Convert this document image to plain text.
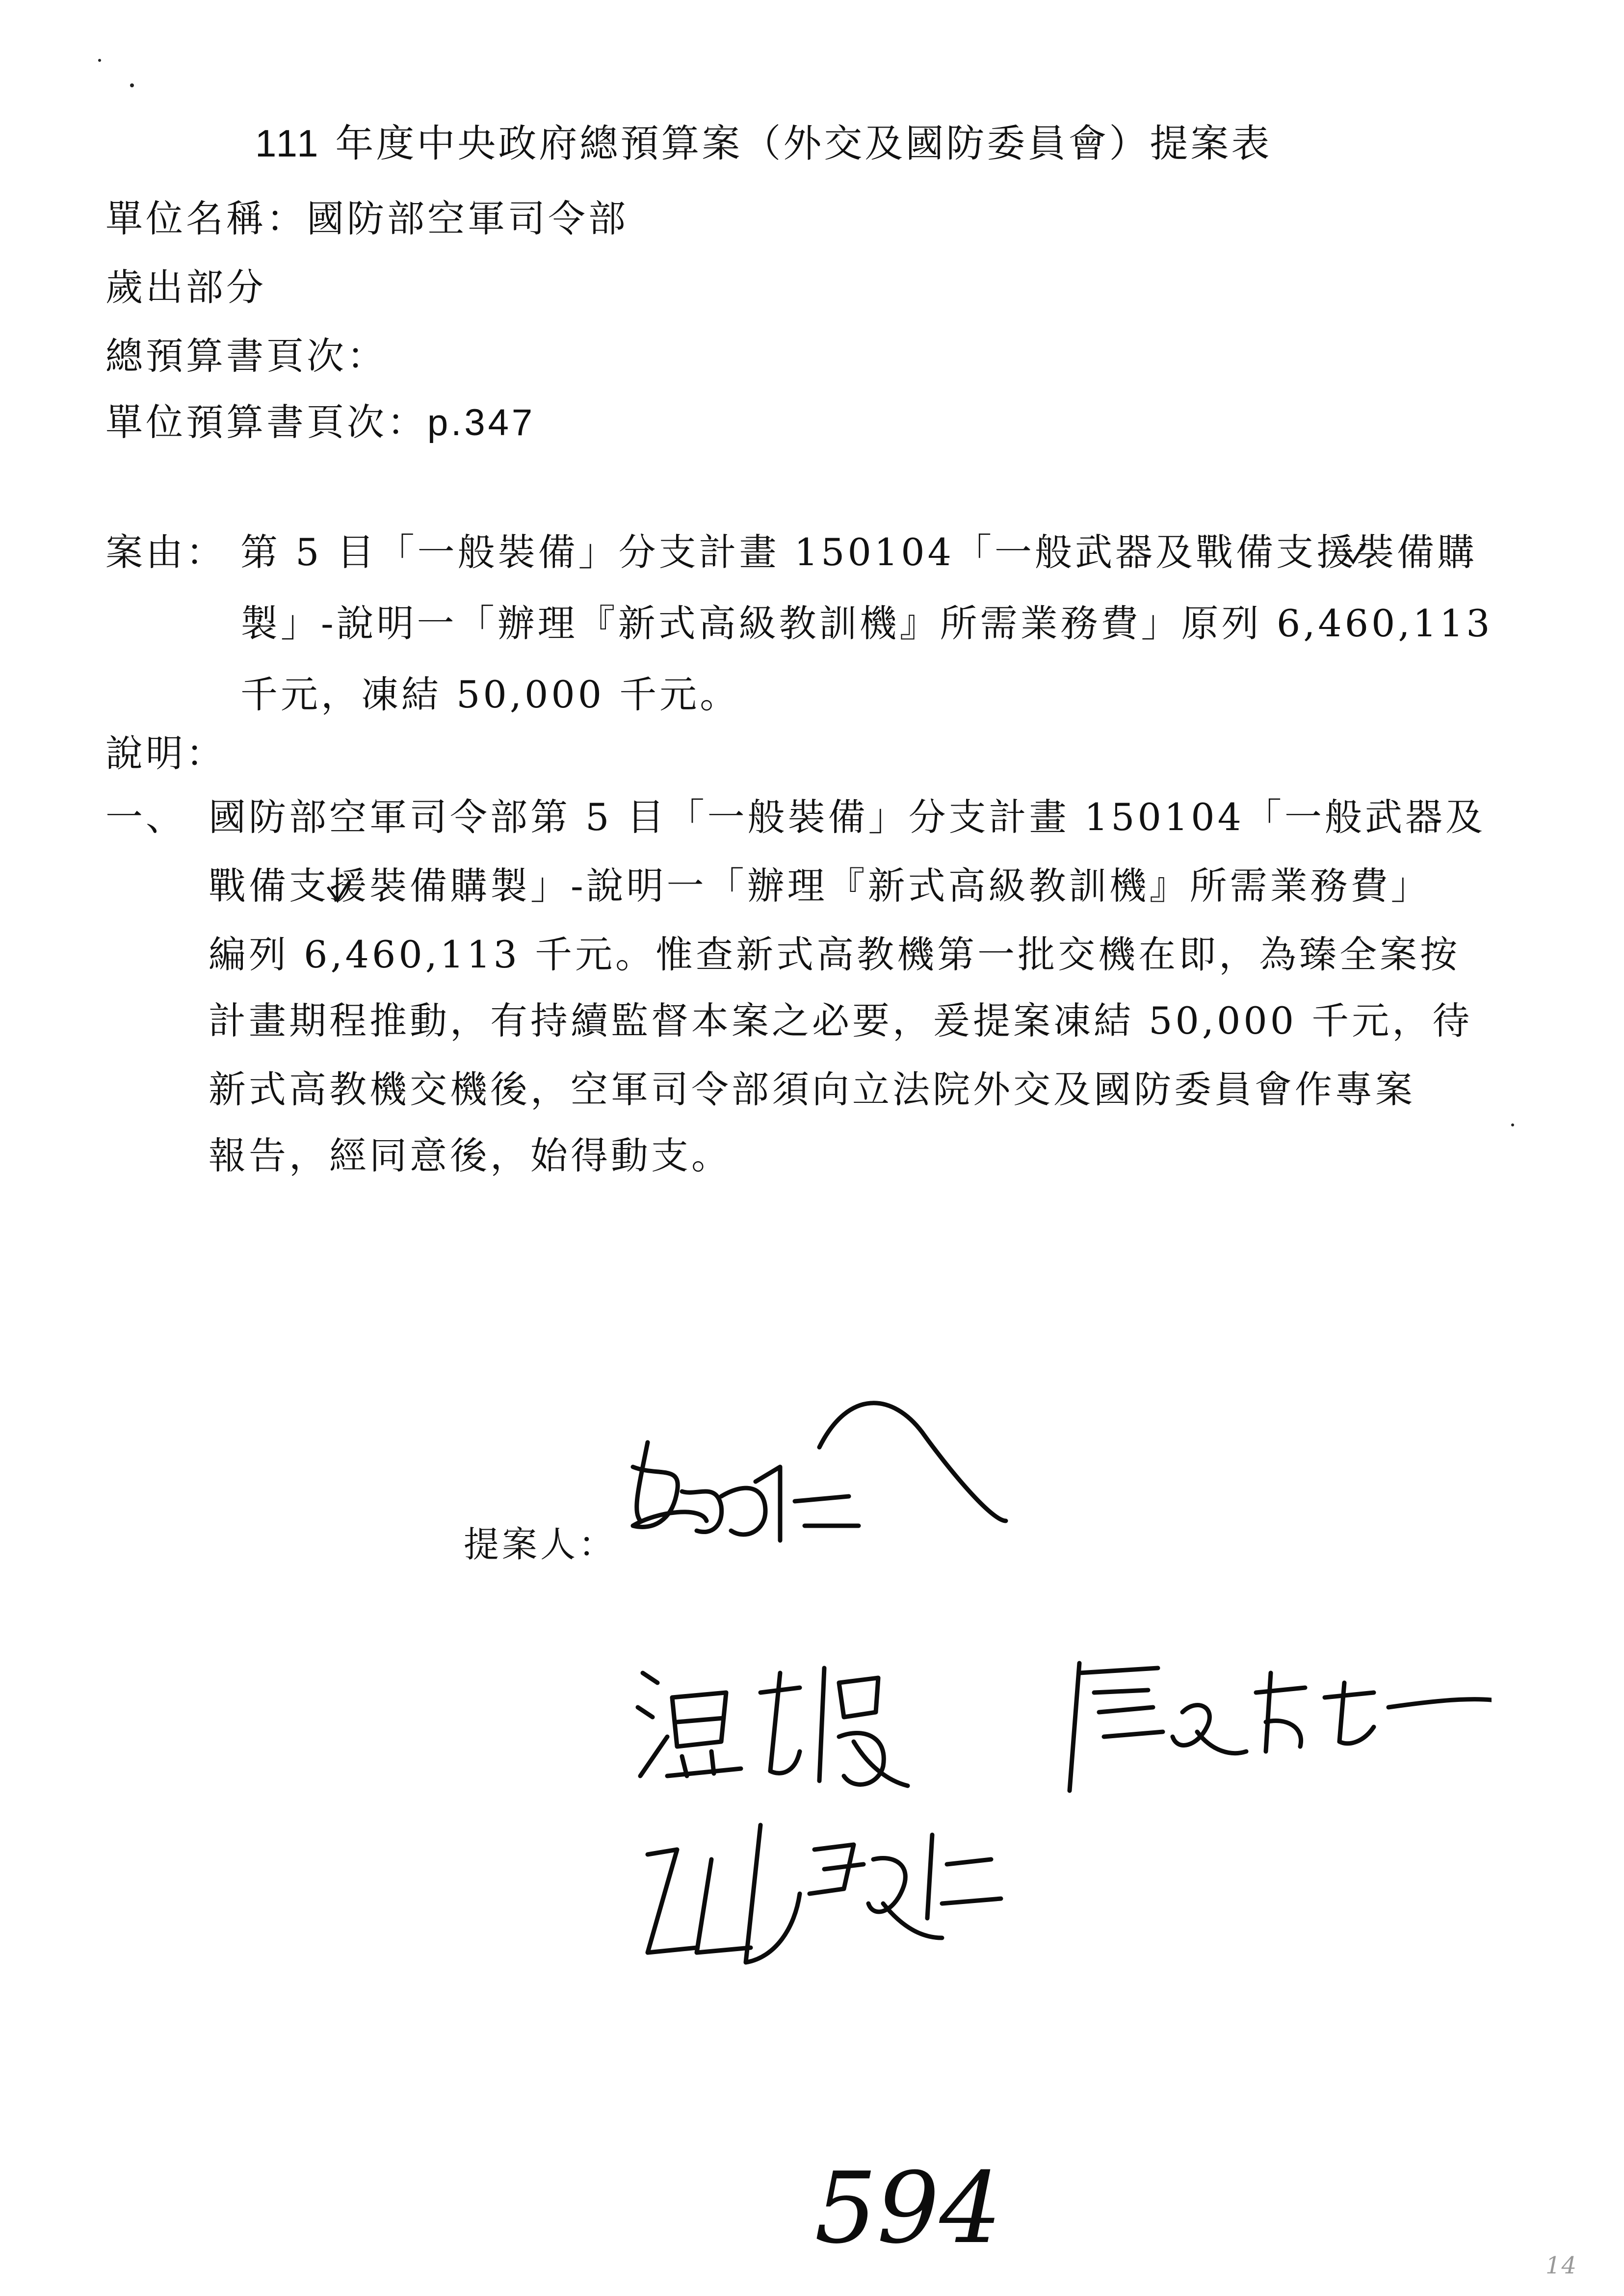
111 年度中央政府總預算案（外交及國防委員會）提案表
單位名稱：國防部空軍司令部
歲出部分
總預算書頁次：
單位預算書頁次：p.347
案由： 第 5 目「一般裝備」分支計畫 150104「一般武器及戰備支援裝備購
製」-說明一「辦理『新式高級教訓機』所需業務費」原列 6,460,113
千元，凍結 50,000 千元。
說明：
一、 國防部空軍司令部第 5 目「一般裝備」分支計畫 150104「一般武器及
戰備支援裝備購製」-說明一「辦理『新式高級教訓機』所需業務費」
編列 6,460,113 千元。惟查新式高教機第一批交機在即，為臻全案按
計畫期程推動，有持續監督本案之必要，爰提案凍結 50,000 千元，待
新式高教機交機後，空軍司令部須向立法院外交及國防委員會作專案
報告，經同意後，始得動支。
提案人：
594	14
